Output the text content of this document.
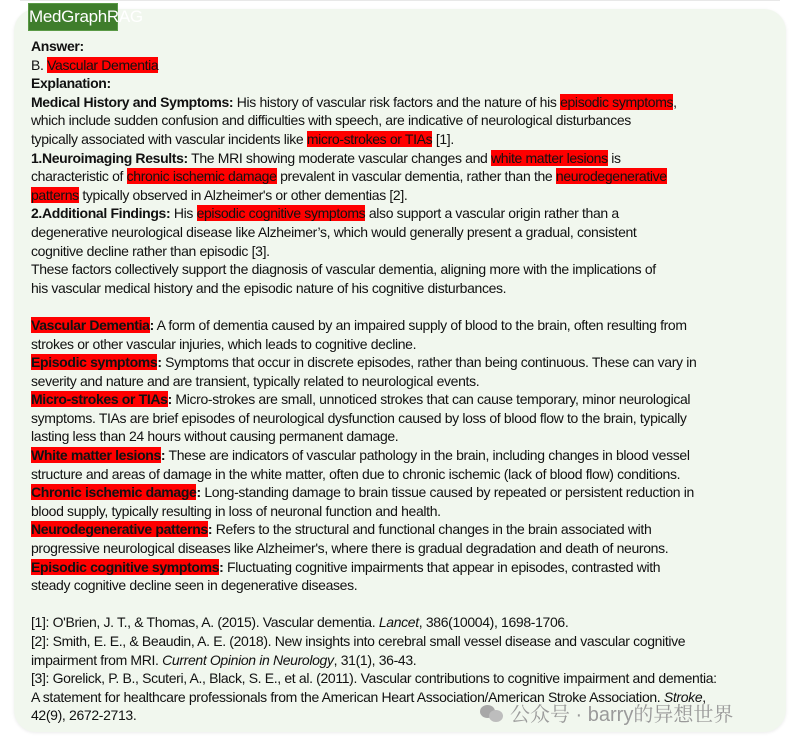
MedGraphRAG
Answer:
B. Vascular Dementia
Explanation:
Medical History and Symptoms: His history of vascular risk factors and the nature of his episodic symptoms,
which include sudden confusion and difficulties with speech, are indicative of neurological disturbances
typically associated with vascular incidents like micro-strokes or TIAs [1].
1.Neuroimaging Results: The MRI showing moderate vascular changes and white matter lesions is
characteristic of chronic ischemic damage prevalent in vascular dementia, rather than the neurodegenerative
patterns typically observed in Alzheimer's or other dementias [2].
2.Additional Findings: His episodic cognitive symptoms also support a vascular origin rather than a
degenerative neurological disease like Alzheimer’s, which would generally present a gradual, consistent
cognitive decline rather than episodic [3].
These factors collectively support the diagnosis of vascular dementia, aligning more with the implications of
his vascular medical history and the episodic nature of his cognitive disturbances.
Vascular Dementia: A form of dementia caused by an impaired supply of blood to the brain, often resulting from
strokes or other vascular injuries, which leads to cognitive decline.
Episodic symptoms: Symptoms that occur in discrete episodes, rather than being continuous. These can vary in
severity and nature and are transient, typically related to neurological events.
Micro-strokes or TIAs: Micro-strokes are small, unnoticed strokes that can cause temporary, minor neurological
symptoms. TIAs are brief episodes of neurological dysfunction caused by loss of blood flow to the brain, typically
lasting less than 24 hours without causing permanent damage.
White matter lesions: These are indicators of vascular pathology in the brain, including changes in blood vessel
structure and areas of damage in the white matter, often due to chronic ischemic (lack of blood flow) conditions.
Chronic ischemic damage: Long-standing damage to brain tissue caused by repeated or persistent reduction in
blood supply, typically resulting in loss of neuronal function and health.
Neurodegenerative patterns: Refers to the structural and functional changes in the brain associated with
progressive neurological diseases like Alzheimer's, where there is gradual degradation and death of neurons.
Episodic cognitive symptoms: Fluctuating cognitive impairments that appear in episodes, contrasted with
steady cognitive decline seen in degenerative diseases.
[1]: O'Brien, J. T., & Thomas, A. (2015). Vascular dementia. Lancet, 386(10004), 1698-1706.
[2]: Smith, E. E., & Beaudin, A. E. (2018). New insights into cerebral small vessel disease and vascular cognitive
impairment from MRI. Current Opinion in Neurology, 31(1), 36-43.
[3]: Gorelick, P. B., Scuteri, A., Black, S. E., et al. (2011). Vascular contributions to cognitive impairment and dementia:
A statement for healthcare professionals from the American Heart Association/American Stroke Association. Stroke,
42(9), 2672-2713.	公众号 · barry的异想世界
